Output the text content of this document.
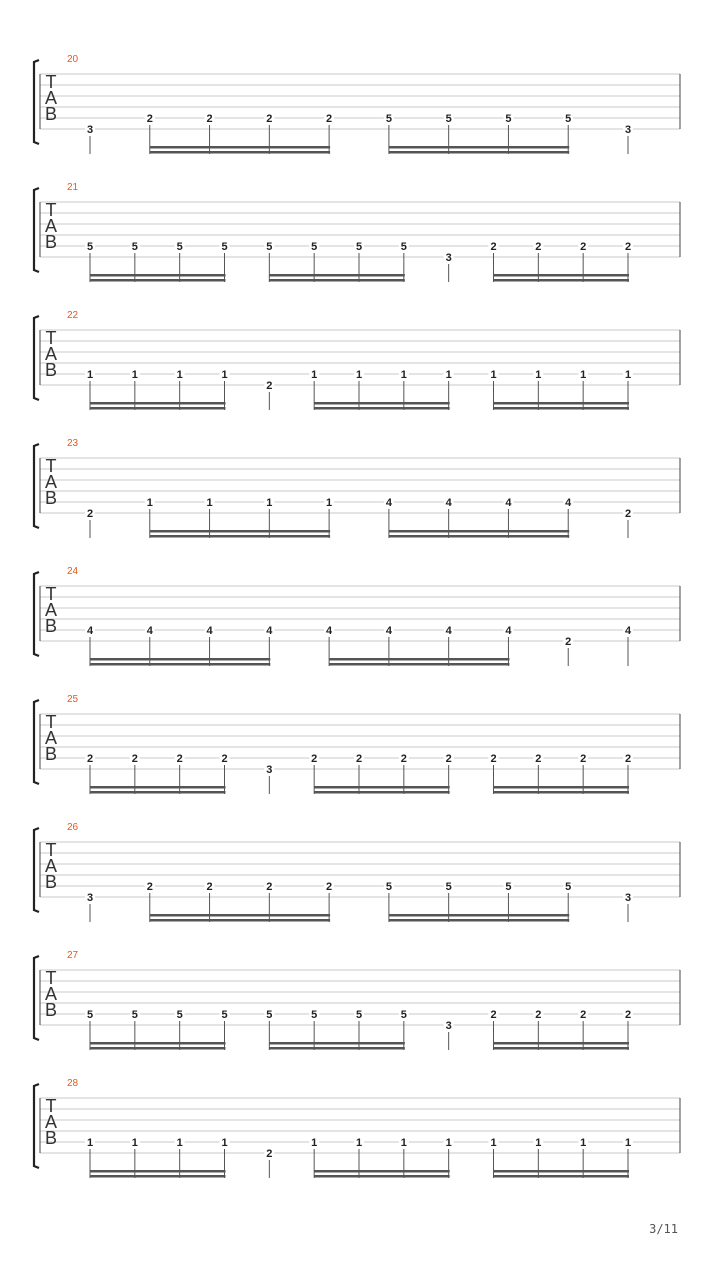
20
T
A
B
3
2	2	2	2	5	5	5	5
3
21
T
A
B	5	5	5	5	5	5	5	5
3
2	2	2	2
22
T
A
B	1	1	1	1
2
1	1	1	1	1	1	1	1
23
T
A
B
2
1	1	1	1	4	4	4	4
2
24
T
A
B	4	4	4	4	4	4	4	4
2
4
25
T
A
B	2	2	2	2
3
2	2	2	2	2	2	2	2
26
T
A
B
3
2	2	2	2	5	5	5	5
3
27
T
A
B	5	5	5	5	5	5	5	5
3
2	2	2	2
28
T
A
B	1	1	1	1
2
1	1	1	1	1	1	1	1
3/11
